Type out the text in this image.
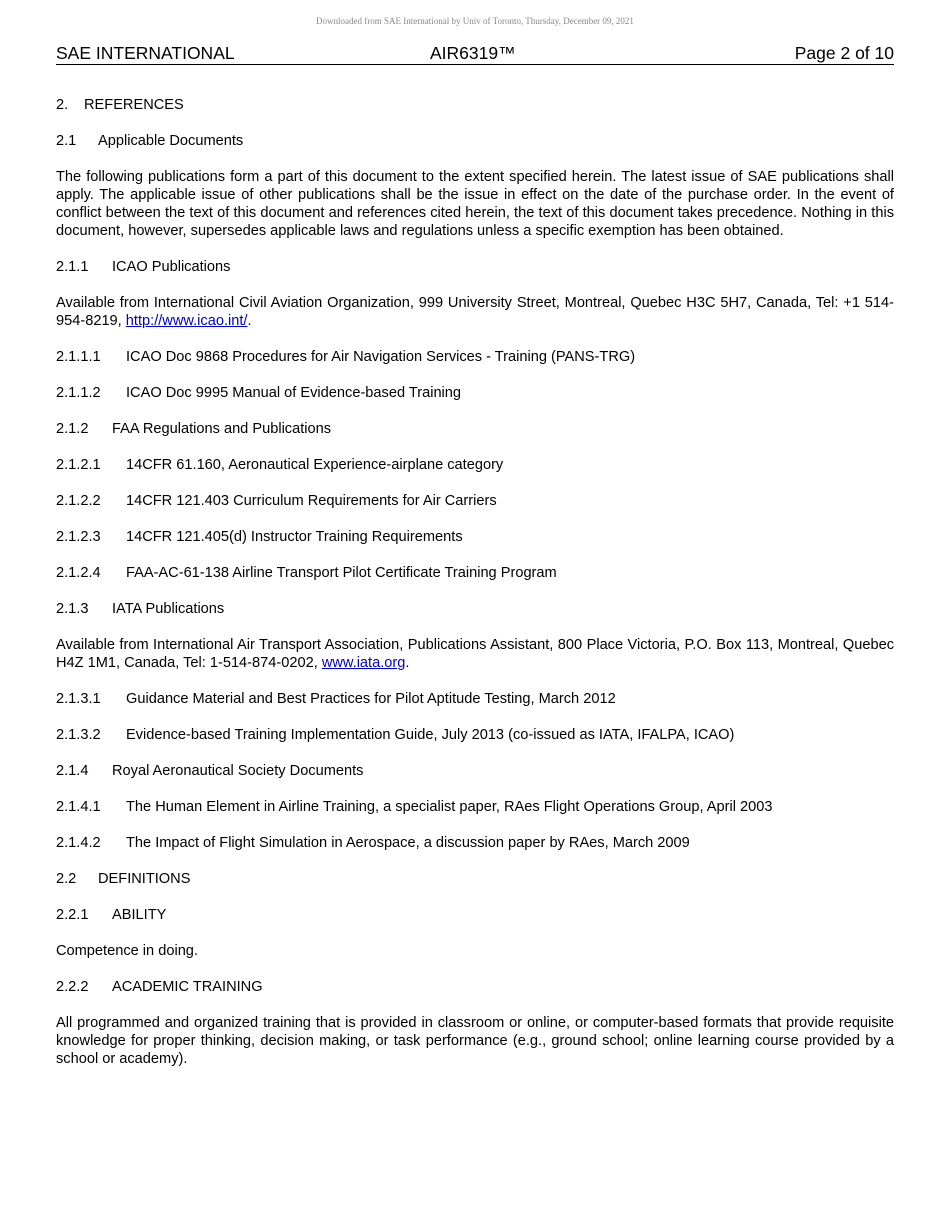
Downloaded from SAE International by Univ of Toronto, Thursday, December 09, 2021
SAE INTERNATIONAL	AIR6319™	Page 2 of 10

2. REFERENCES

2.1 Applicable Documents

The following publications form a part of this document to the extent specified herein. The latest issue of SAE publications shall apply. The applicable issue of other publications shall be the issue in effect on the date of the purchase order. In the event of conflict between the text of this document and references cited herein, the text of this document takes precedence. Nothing in this document, however, supersedes applicable laws and regulations unless a specific exemption has been obtained.

2.1.1 ICAO Publications

Available from International Civil Aviation Organization, 999 University Street, Montreal, Quebec H3C 5H7, Canada, Tel: +1 514-954-8219, http://www.icao.int/.

2.1.1.1 ICAO Doc 9868 Procedures for Air Navigation Services - Training (PANS-TRG)

2.1.1.2 ICAO Doc 9995 Manual of Evidence-based Training

2.1.2 FAA Regulations and Publications

2.1.2.1 14CFR 61.160, Aeronautical Experience-airplane category

2.1.2.2 14CFR 121.403 Curriculum Requirements for Air Carriers

2.1.2.3 14CFR 121.405(d) Instructor Training Requirements

2.1.2.4 FAA-AC-61-138 Airline Transport Pilot Certificate Training Program

2.1.3 IATA Publications

Available from International Air Transport Association, Publications Assistant, 800 Place Victoria, P.O. Box 113, Montreal, Quebec H4Z 1M1, Canada, Tel: 1-514-874-0202, www.iata.org.

2.1.3.1 Guidance Material and Best Practices for Pilot Aptitude Testing, March 2012

2.1.3.2 Evidence-based Training Implementation Guide, July 2013 (co-issued as IATA, IFALPA, ICAO)

2.1.4 Royal Aeronautical Society Documents

2.1.4.1 The Human Element in Airline Training, a specialist paper, RAes Flight Operations Group, April 2003

2.1.4.2 The Impact of Flight Simulation in Aerospace, a discussion paper by RAes, March 2009

2.2 DEFINITIONS

2.2.1 ABILITY

Competence in doing.

2.2.2 ACADEMIC TRAINING

All programmed and organized training that is provided in classroom or online, or computer-based formats that provide requisite knowledge for proper thinking, decision making, or task performance (e.g., ground school; online learning course provided by a school or academy).
